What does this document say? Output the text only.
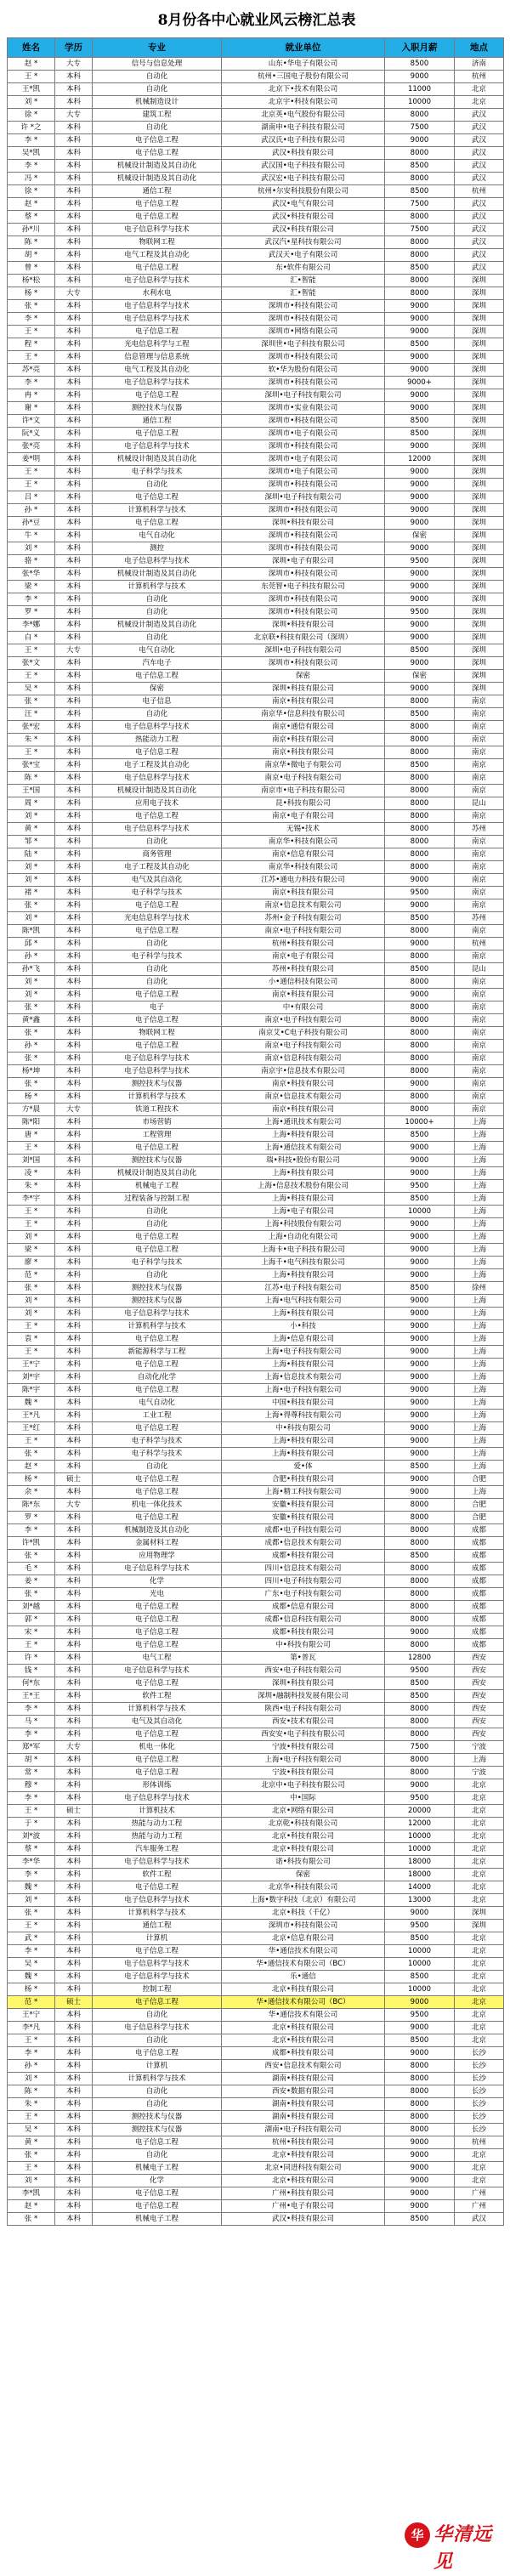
8月份各中心就业风云榜汇总表
姓名	学历	专业	就业单位	入职月薪	地点
赵 *	大专	信号与信息处理	山东•华电子有限公司	8500	济南
王 *	本科	自动化	杭州•三国电子股份有限公司	9000	杭州
王*凯	本科	自动化	北京下•技术有限公司	11000	北京
刘 *	本科	机械制造设计	北京宇•科技有限公司	10000	北京
徐 *	大专	建筑工程	北京英•电气股份有限公司	8000	武汉
许 *之	本科	自动化	湖南申•电子科技有限公司	7500	武汉
李 *	本科	电子信息工程	武汉氏•电子科技有限公司	9000	武汉
吴*凯	本科	电子信息工程	武汉•科技有限公司	8000	武汉
李 *	本科	机械设计制造及其自动化	武汉国•电子科技有限公司	8500	武汉
冯 *	本科	机械设计制造及其自动化	武汉宏•电子科技有限公司	8000	武汉
徐 *	本科	通信工程	杭州•尔安科技股份有限公司	8500	杭州
赵 *	本科	电子信息工程	武汉•电气有限公司	7500	武汉
蔡 *	本科	电子信息工程	武汉•科技有限公司	8000	武汉
孙*川	本科	电子信息科学与技术	武汉•科技有限公司	7500	武汉
陈 *	本科	物联网工程	武汉汽•星科技有限公司	8000	武汉
胡 *	本科	电气工程及其自动化	武汉天•电子有限公司	8000	武汉
曾 *	本科	电子信息工程	东•软件有限公司	8500	武汉
杨*松	本科	电子信息科学与技术	汇•智能	8000	深圳
杨 *	大专	水利水电	汇•智能	8000	深圳
张 *	本科	电子信息科学与技术	深圳市•科技有限公司	9000	深圳
李 *	本科	电子信息科学与技术	深圳市•科技有限公司	9000	深圳
王 *	本科	电子信息工程	深圳市•网络有限公司	9000	深圳
程 *	本科	光电信息科学与工程	深圳世•电子科技有限公司	8500	深圳
王 *	本科	信息管理与信息系统	深圳市•科技有限公司	9000	深圳
苏*亮	本科	电气工程及其自动化	软•华为股份有限公司	9000	深圳
李 *	本科	电子信息科学与技术	深圳市•科技有限公司	9000+	深圳
冉 *	本科	电子信息工程	深圳•电子科技有限公司	9000	深圳
谢 *	本科	测控技术与仪器	深圳市•实业有限公司	9000	深圳
许*文	本科	通信工程	深圳市•科技有限公司	8500	深圳
阮*义	本科	电子信息工程	深圳市•电子有限公司	8500	深圳
张*亮	本科	电子信息科学与技术	深圳市•科技有限公司	9000	深圳
姜*明	本科	机械设计制造及其自动化	深圳市•电子有限公司	12000	深圳
王 *	本科	电子科学与技术	深圳市•电子有限公司	9000	深圳
王 *	本科	自动化	深圳市•科技有限公司	9000	深圳
吕 *	本科	电子信息工程	深圳•电子科技有限公司	9000	深圳
孙 *	本科	计算机科学与技术	深圳市•科技有限公司	9000	深圳
孙*豆	本科	电子信息工程	深圳•科技有限公司	9000	深圳
牛 *	本科	电气自动化	深圳市•科技有限公司	保密	深圳
刘 *	本科	测控	深圳市•科技有限公司	9000	深圳
骆 *	本科	电子信息科学与技术	深圳•电子有限公司	9500	深圳
张*华	本科	机械设计制造及其自动化	深圳市•科技有限公司	9000	深圳
梁 *	本科	计算机科学与技术	东莞智•电子科技有限公司	9000	深圳
李 *	本科	自动化	深圳市•科技有限公司	9000	深圳
罗 *	本科	自动化	深圳市•科技有限公司	9500	深圳
李*娜	本科	机械设计制造及其自动化	深圳•科技有限公司	9000	深圳
白 *	本科	自动化	北京联•科技有限公司（深圳）	9000	深圳
王 *	大专	电气自动化	深圳•电子科技有限公司	8500	深圳
张*文	本科	汽车电子	深圳市•科技有限公司	9000	深圳
王 *	本科	电子信息工程	保密	保密	深圳
吴 *	本科	保密	深圳•科技有限公司	9000	深圳
张 *	本科	电子信息	南京•科技有限公司	8000	南京
汪 *	本科	自动化	南京华•信息科技有限公司	8500	南京
张*宏	本科	电子信息科学与技术	南京•通信有限公司	8000	南京
朱 *	本科	热能动力工程	南京•科技有限公司	8000	南京
王 *	本科	电子信息工程	南京•科技有限公司	8000	南京
张*宝	本科	电子工程及其自动化	南京华•微电子有限公司	8500	南京
陈 *	本科	电子信息科学与技术	南京•电子科技有限公司	8000	南京
王*国	本科	机械设计制造及其自动化	南京市•电子科技有限公司	8000	南京
周 *	本科	应用电子技术	昆•科技有限公司	8000	昆山
刘 *	本科	电子信息工程	南京•电子有限公司	8000	南京
黄 *	本科	电子信息科学与技术	无锡•技术	8000	苏州
邹 *	本科	自动化	南京华•科技有限公司	8000	南京
陆 *	本科	商务管理	南京•信息有限公司	8000	南京
刘 *	本科	电子工程及其自动化	南京华•科技有限公司	8000	南京
刘 *	本科	电气及其自动化	江苏•通电力科技有限公司	9000	南京
褚 *	本科	电子科学与技术	南京•科技有限公司	9500	南京
张 *	本科	电子信息工程	南京•信息技术有限公司	9000	南京
刘 *	本科	光电信息科学与技术	苏州•金子科技有限公司	8500	苏州
陈*凯	本科	电子信息工程	南京•电子科技有限公司	8000	南京
邱 *	本科	自动化	杭州•科技有限公司	9000	杭州
孙 *	本科	电子科学与技术	南京•电子有限公司	8000	南京
孙*飞	本科	自动化	苏州•科技有限公司	8500	昆山
刘 *	本科	自动化	小•通信科技有限公司	8000	南京
刘 *	本科	电子信息工程	南京•科技有限公司	9000	南京
张 *	本科	电子	中•有限公司	8000	南京
黄*鑫	本科	电子信息工程	南京•电子科技有限公司	8000	南京
张 *	本科	物联网工程	南京艾•C电子科技有限公司	8000	南京
孙 *	本科	电子信息工程	南京•电子科技有限公司	8000	南京
张 *	本科	电子信息科学与技术	南京•信息科技有限公司	8000	南京
杨*坤	本科	电子信息科学与技术	南京宇•信息技术有限公司	8000	南京
张 *	本科	测控技术与仪器	南京•科技有限公司	9000	南京
杨 *	本科	计算机科学与技术	南京•信息技术有限公司	8000	南京
方*晨	大专	铁道工程技术	南京•科技有限公司	8000	南京
陈*阳	本科	市场营销	上海•通讯技术有限公司	10000+	上海
唐 *	本科	工程管理	上海•科技有限公司	8500	上海
王 *	本科	电子信息工程	上海•通信技术有限公司	9000	上海
刘*国	本科	测控技术与仪器	瑞•科技•股份有限公司	9000	上海
凌 *	本科	机械设计制造及其自动化	上海•科技有限公司	9000	上海
朱 *	本科	机械电子工程	上海•信息技术股份有限公司	9500	上海
李*宇	本科	过程装备与控制工程	上海•科技有限公司	8500	上海
王 *	本科	自动化	上海•电子有限公司	10000	上海
王 *	本科	自动化	上海•科技股份有限公司	9000	上海
刘 *	本科	电子信息工程	上海•自动化有限公司	9000	上海
梁 *	本科	电子信息工程	上海卡•电子科技有限公司	9000	上海
廖 *	本科	电子科学与技术	上海千•电气科技有限公司	9000	上海
范 *	本科	自动化	上海•科技有限公司	9000	上海
张 *	本科	测控技术与仪器	江苏•电子科技有限公司	8500	徐州
刘 *	本科	测控技术与仪器	上海•电气科技有限公司	9000	上海
刘 *	本科	电子信息科学与技术	上海•科技有限公司	9000	上海
王 *	本科	计算机科学与技术	小•科技	9000	上海
袁 *	本科	电子信息工程	上海•信息有限公司	9000	上海
王 *	本科	新能源科学与工程	上海•电子科技有限公司	9000	上海
王*宁	本科	电子信息工程	上海•科技有限公司	9000	上海
刘*宇	本科	自动化/化学	上海•信息技术有限公司	9000	上海
陈*宇	本科	电子信息工程	上海•电子科技有限公司	9000	上海
魏 *	本科	电气自动化	中国•科技有限公司	9000	上海
王*凡	本科	工业工程	上海•得尊科技有限公司	9000	上海
王*红	本科	电子信息工程	中•科技有限公司	9000	上海
王 *	本科	电子科学与技术	上海•科技有限公司	9000	上海
张 *	本科	电子科学与技术	上海•科技有限公司	9000	上海
赵 *	本科	自动化	爱•体	8500	上海
杨 *	硕士	电子信息工程	合肥•科技有限公司	9000	合肥
余 *	本科	电子信息工程	上海•精工科技有限公司	9000	上海
陈*东	大专	机电一体化技术	安徽•科技有限公司	8000	合肥
罗 *	本科	电子信息工程	安徽•科技有限公司	8000	合肥
李 *	本科	机械制造及其自动化	成都•电子科技有限公司	8000	成都
许*凯	本科	金属材料工程	成都•信息技术有限公司	8000	成都
张 *	本科	应用物理学	成都•科技有限公司	8500	成都
毛 *	本科	电子信息科学与技术	四川•信息技术有限公司	8000	成都
姜 *	本科	化学	四川•电子科技有限公司	8000	成都
张 *	本科	光电	广东•电子科技有限公司	8000	成都
刘*越	本科	电子信息工程	成都•信息有限公司	8000	成都
郭 *	本科	电子信息工程	成都•信息科技有限公司	8000	成都
宋 *	本科	电子信息工程	成都•科技有限公司	9000	成都
王 *	本科	电子信息工程	中•科技有限公司	8000	成都
许 *	本科	电气工程	第•普瓦	12800	西安
钱 *	本科	电子信息科学与技术	西安•电子科技有限公司	9500	西安
何*东	本科	电子信息工程	深圳•科技有限公司	8500	西安
王*王	本科	软件工程	深圳•融制科技发展有限公司	8500	西安
李 *	本科	计算机科学与技术	陕西•电子科技有限公司	8000	西安
马 *	本科	电气及其自动化	西安•技术有限公司	8000	西安
李 *	本科	电子信息工程	西安安•电子科技有限公司	8000	西安
郑*军	大专	机电一体化	宁波•科技有限公司	7500	宁波
胡 *	本科	电子信息工程	上海•电子科技有限公司	8000	上海
常 *	本科	电子信息工程	宁波•科技有限公司	8000	宁波
穆 *	本科	形体训练	北京中•电子科技有限公司	9000	北京
李 *	本科	电子信息科学与技术	中•国际	9500	北京
王 *	硕士	计算机技术	北京•网络有限公司	20000	北京
于 *	本科	热能与动力工程	北京乾•科技有限公司	12000	北京
刘*波	本科	热能与动力工程	北京•科技有限公司	10000	北京
蔡 *	本科	汽车服务工程	北京•科技有限公司	10000	北京
李*华	本科	电子信息科学与技术	诺•科技有限公司	18000	北京
李 *	本科	软件工程	保密	18000	北京
魏 *	本科	电子信息工程	北京华•科技有限公司	14000	北京
刘 *	本科	电子信息科学与技术	上海•数字科技（北京）有限公司	13000	北京
张 *	本科	计算机科学与技术	北京•科技（千亿）	9000	深圳
王 *	本科	通信工程	深圳市•科技有限公司	9500	深圳
武 *	本科	计算机	北京•信息有限公司	8500	北京
李 *	本科	电子信息工程	华•通信技术有限公司	10000	北京
吴 *	本科	电子信息科学与技术	华•通信技术有限公司（BC）	10000	北京
魏 *	本科	电子信息科学与技术	乐•通信	8500	北京
杨 *	本科	控制工程	北京•科技有限公司	10000	北京
范 *	硕士	电子信息工程	华•通信技术有限公司（BC）	9000	北京
王*宁	本科	自动化	华•通信技术有限公司	9500	北京
李*凡	本科	电子信息科学与技术	北京•科技有限公司	9000	北京
王 *	本科	自动化	北京•科技有限公司	8500	北京
李 *	本科	电子信息工程	成都•科技有限公司	9000	长沙
孙 *	本科	计算机	西安•信息技术有限公司	8000	长沙
刘 *	本科	计算机科学与技术	湖南•科技有限公司	8000	长沙
陈 *	本科	自动化	西安•数据有限公司	8000	长沙
朱 *	本科	自动化	湖南•科技有限公司	8000	长沙
王 *	本科	测控技术与仪器	湖南•科技有限公司	8000	长沙
吴 *	本科	测控技术与仪器	湖南•电子科技有限公司	8000	长沙
黄 *	本科	电子信息工程	杭州•科技有限公司	9000	杭州
张 *	本科	自动化	北京•科技有限公司	9000	北京
王 *	本科	机械电子工程	北京•同进科技有限公司	9000	北京
刘 *	本科	化学	北京•科技有限公司	9000	北京
李*凯	本科	电子信息工程	广州•科技有限公司	9000	广州
赵 *	本科	电子信息工程	广州•电子有限公司	9000	广州
张 *	本科	机械电子工程	武汉•科技有限公司	8500	武汉
华 华清远见
